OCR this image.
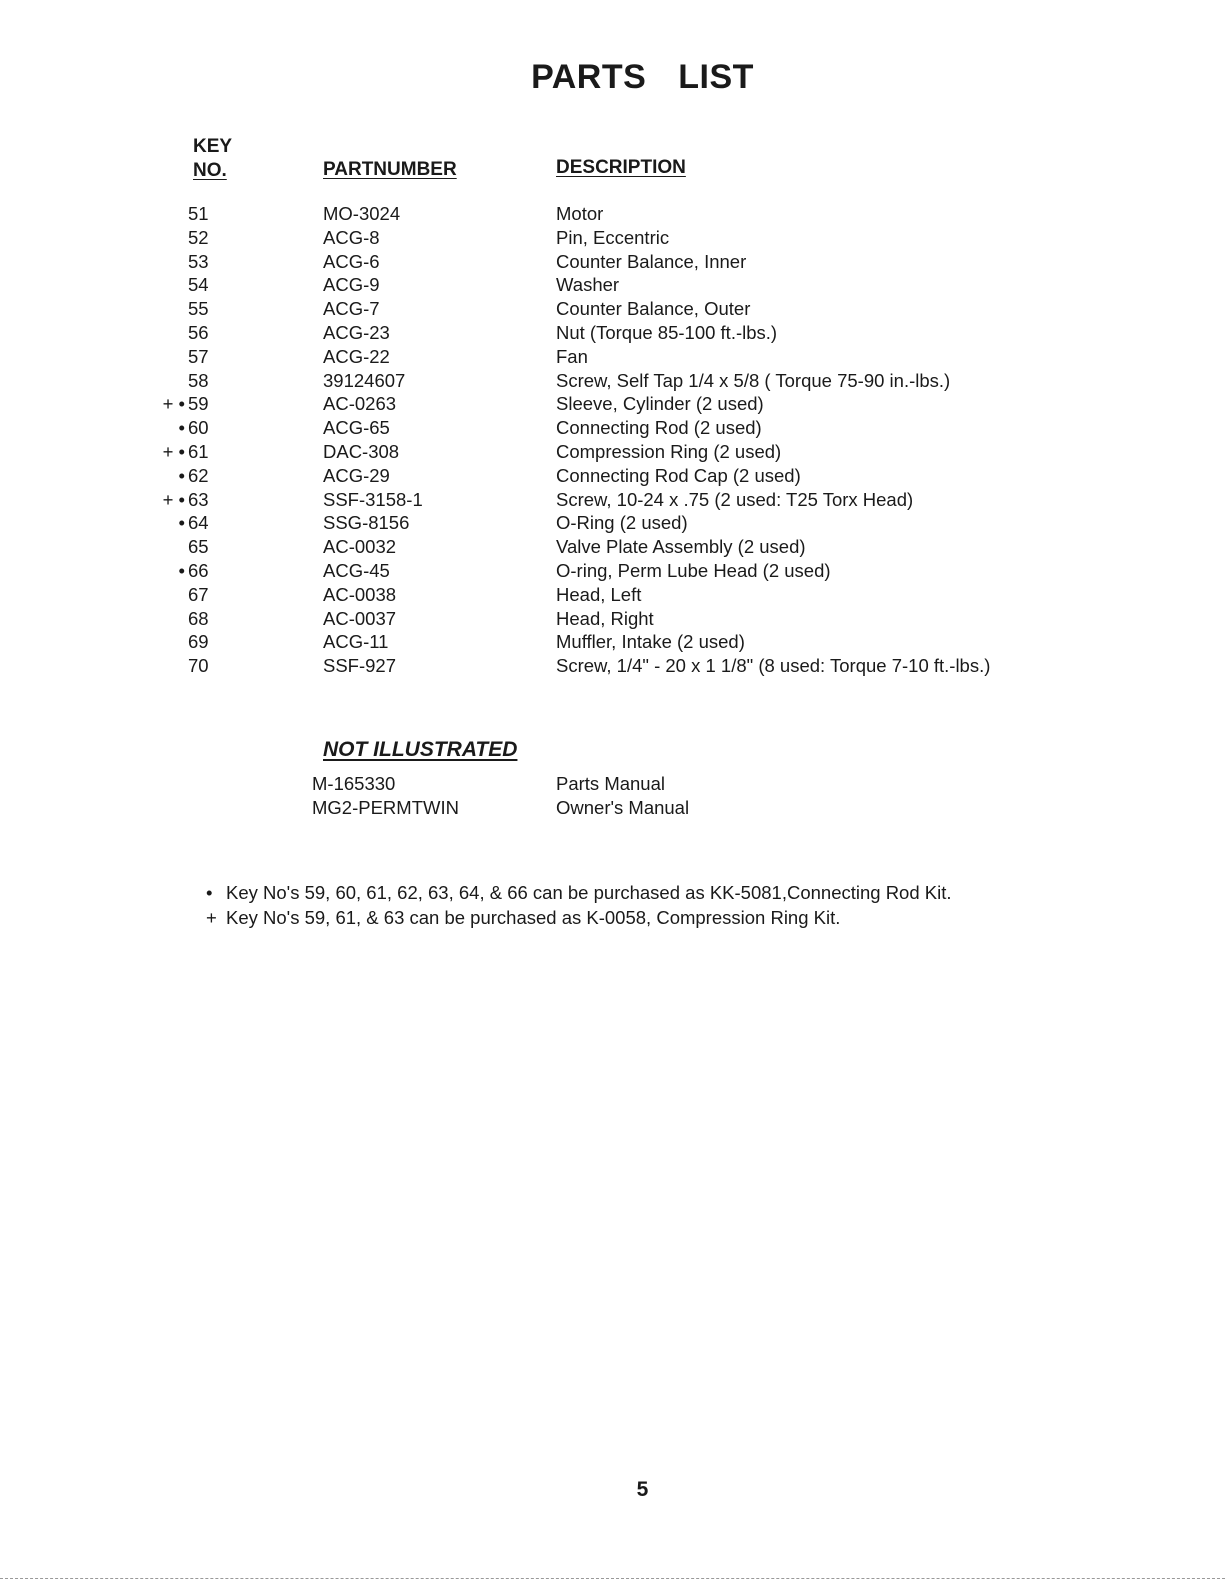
PARTS LIST
KEY
NO.	PARTNUMBER	DESCRIPTION
51	MO-3024	Motor
52	ACG-8	Pin, Eccentric
53	ACG-6	Counter Balance, Inner
54	ACG-9	Washer
55	ACG-7	Counter Balance, Outer
56	ACG-23	Nut (Torque 85-100 ft.-lbs.)
57	ACG-22	Fan
58	39124607	Screw, Self Tap 1/4 x 5/8 ( Torque 75-90 in.-lbs.)
+ • 59	AC-0263	Sleeve, Cylinder (2 used)
• 60	ACG-65	Connecting Rod (2 used)
+ • 61	DAC-308	Compression Ring (2 used)
• 62	ACG-29	Connecting Rod Cap (2 used)
+ • 63	SSF-3158-1	Screw, 10-24 x .75 (2 used: T25 Torx Head)
• 64	SSG-8156	O-Ring (2 used)
65	AC-0032	Valve Plate Assembly (2 used)
• 66	ACG-45	O-ring, Perm Lube Head (2 used)
67	AC-0038	Head, Left
68	AC-0037	Head, Right
69	ACG-11	Muffler, Intake (2 used)
70	SSF-927	Screw, 1/4" - 20 x 1 1/8" (8 used: Torque 7-10 ft.-lbs.)
NOT ILLUSTRATED
M-165330	Parts Manual
MG2-PERMTWIN	Owner's Manual
• Key No's 59, 60, 61, 62, 63, 64, & 66 can be purchased as KK-5081,Connecting Rod Kit.
+ Key No's 59, 61, & 63 can be purchased as K-0058, Compression Ring Kit.
5
